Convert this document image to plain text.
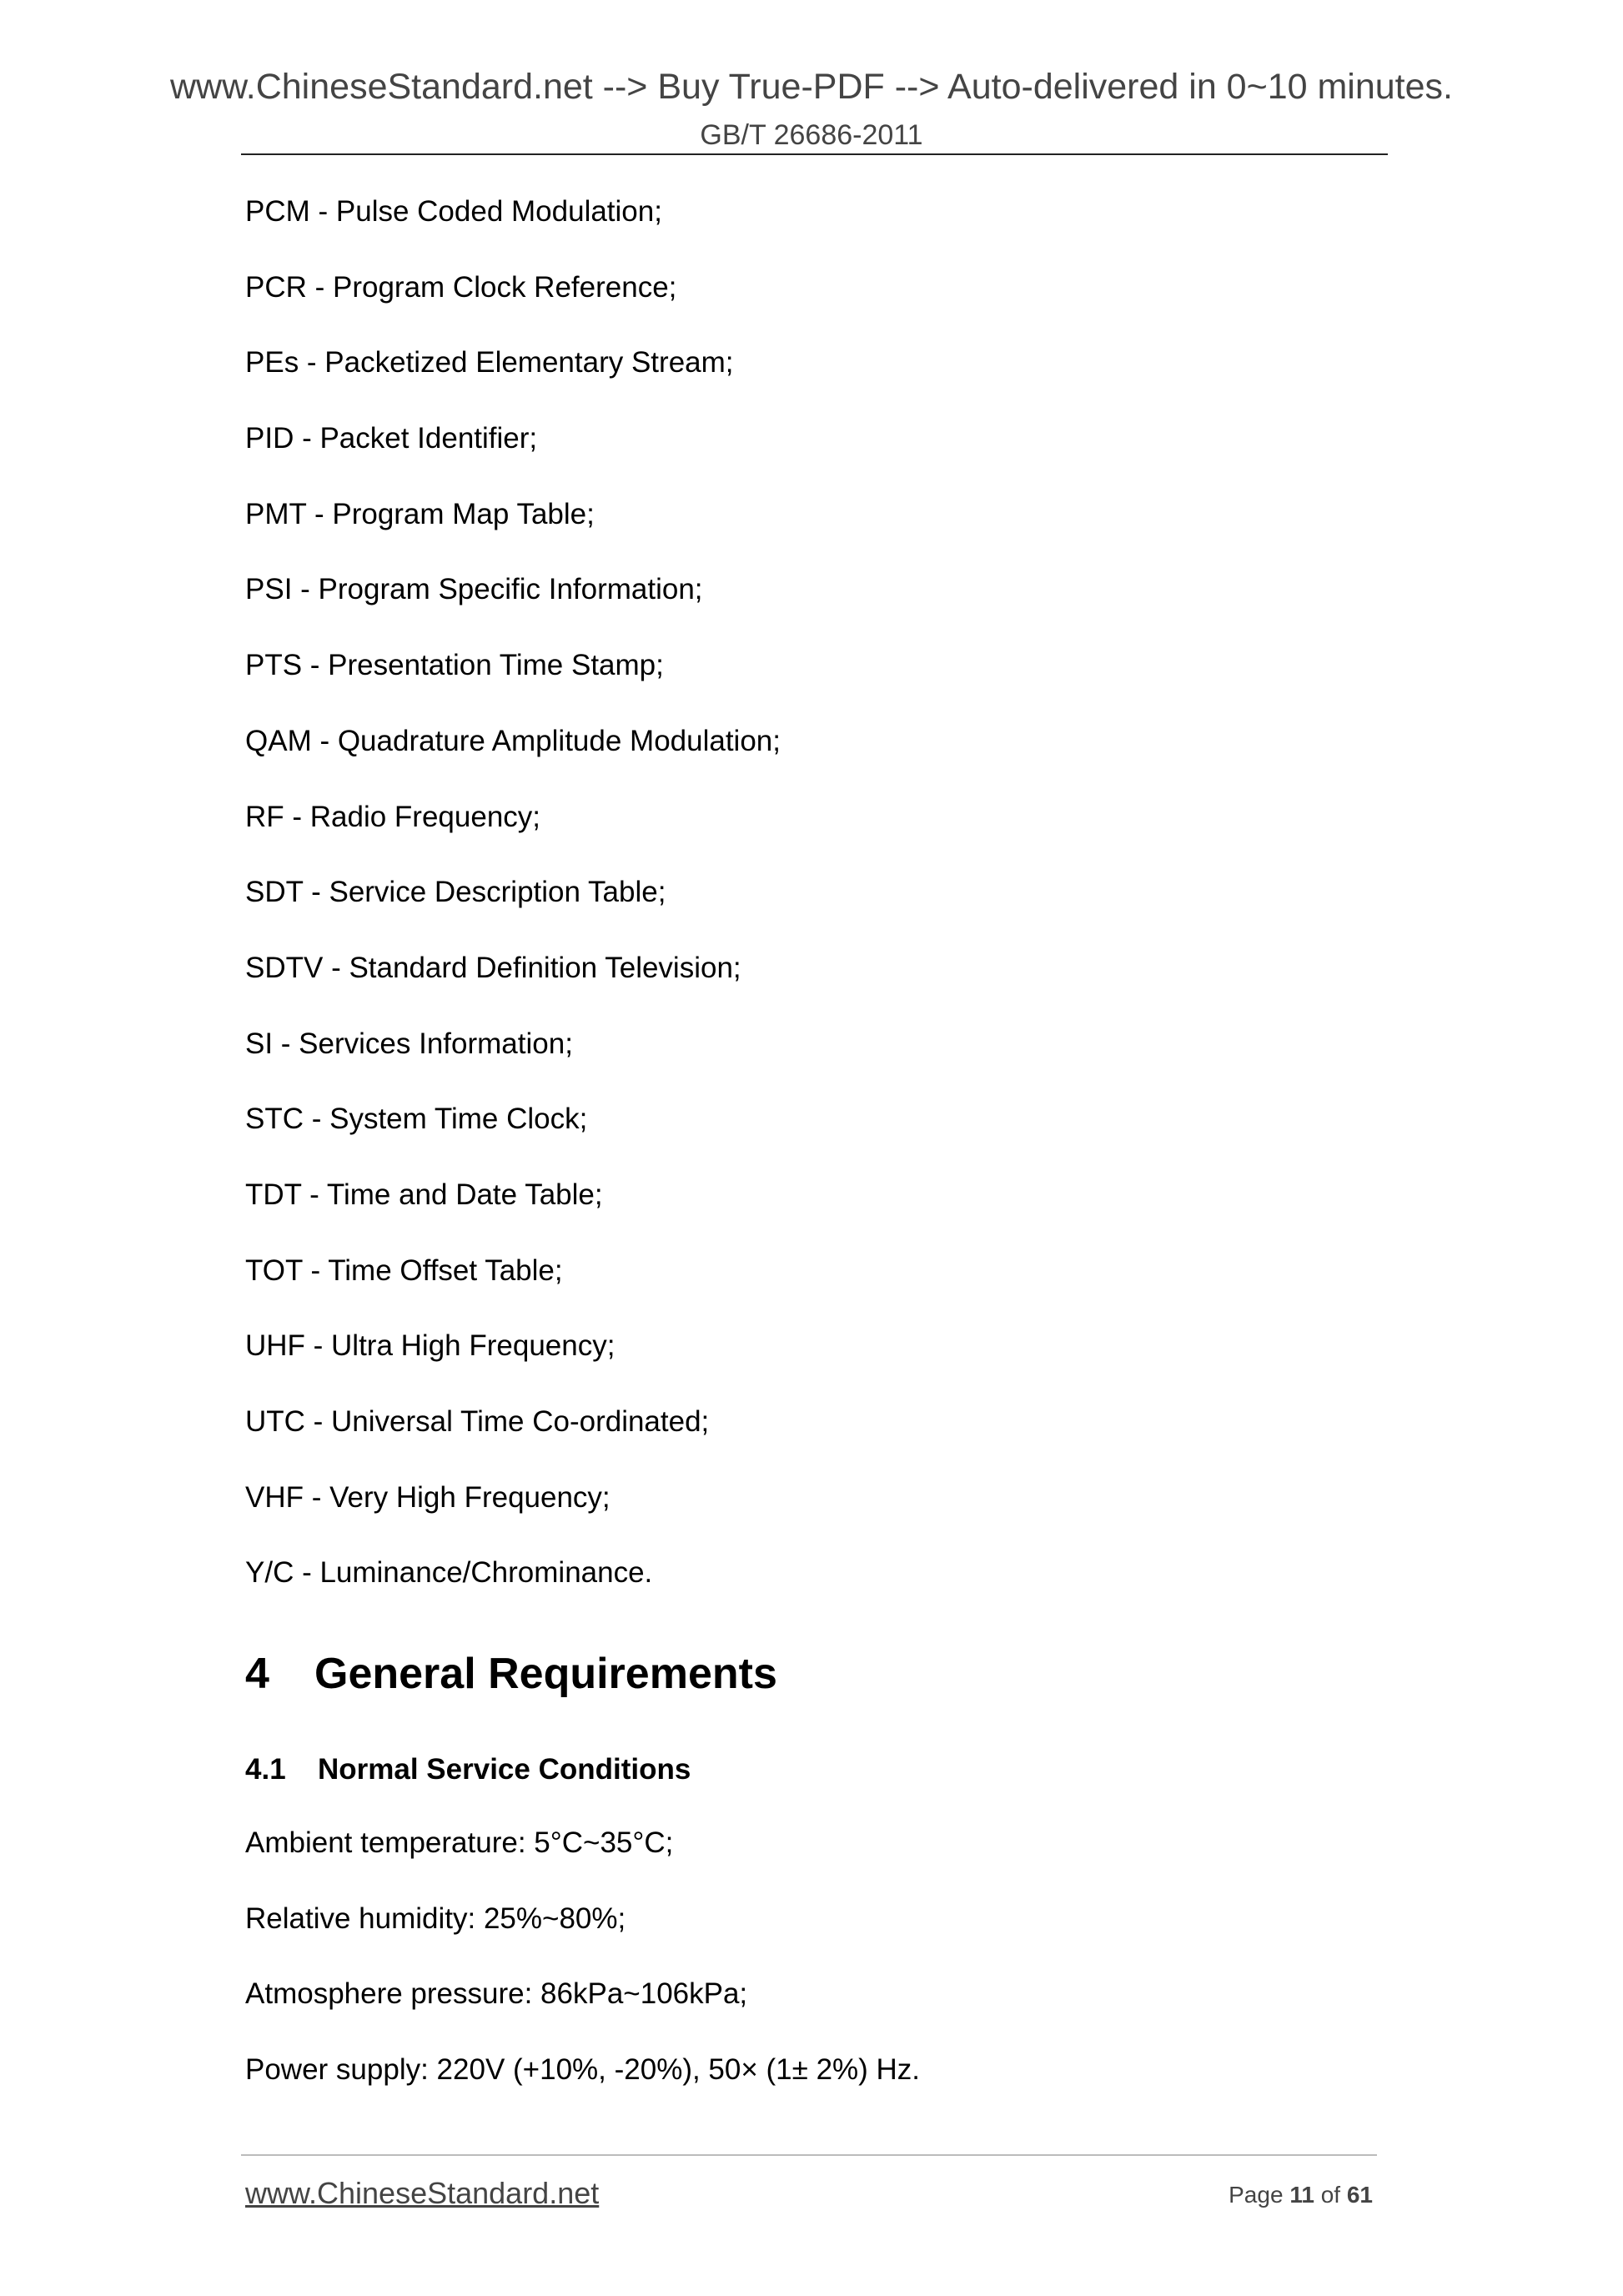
www.ChineseStandard.net --> Buy True-PDF --> Auto-delivered in 0~10 minutes.
GB/T 26686-2011
PCM - Pulse Coded Modulation;
PCR - Program Clock Reference;
PEs - Packetized Elementary Stream;
PID - Packet Identifier;
PMT - Program Map Table;
PSI - Program Specific Information;
PTS - Presentation Time Stamp;
QAM - Quadrature Amplitude Modulation;
RF - Radio Frequency;
SDT - Service Description Table;
SDTV - Standard Definition Television;
SI - Services Information;
STC - System Time Clock;
TDT - Time and Date Table;
TOT - Time Offset Table;
UHF - Ultra High Frequency;
UTC - Universal Time Co-ordinated;
VHF - Very High Frequency;
Y/C - Luminance/Chrominance.
4 General Requirements
4.1 Normal Service Conditions
Ambient temperature: 5°C~35°C;
Relative humidity: 25%~80%;
Atmosphere pressure: 86kPa~106kPa;
Power supply: 220V (+10%, -20%), 50× (1± 2%) Hz.
www.ChineseStandard.net	Page 11 of 61
